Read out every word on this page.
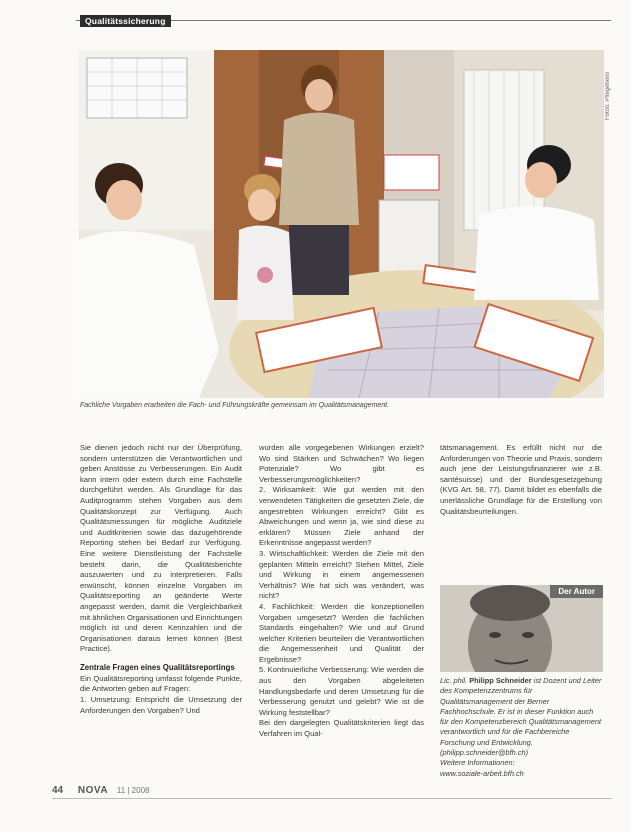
Qualitätssicherung
Fotos: Pflegeheim
Fachliche Vorgaben erarbeiten die Fach- und Führungskräfte gemeinsam im Qualitätsmanagement.

Sie dienen jedoch nicht nur der Überprüfung, sondern unterstützen die Verantwortlichen und geben Anstösse zu Verbesserungen. Ein Audit kann intern oder extern durch eine Fachstelle durchgeführt werden. Als Grundlage für das Auditprogramm stehen Vorgaben aus dem Qualitätskonzept zur Verfügung. Auch Qualitätsmessungen für mögliche Auditziele und Auditkriterien sowie das dazugehörende Reporting stehen bei Bedarf zur Verfügung. Eine weitere Dienstleistung der Fachstelle besteht darin, die Qualitätsberichte auszuwerten und zu interpretieren. Falls erwünscht, können einzelne Vorgaben im Qualitätsreporting an geänderte Werte angepasst werden, damit die Vergleichbarkeit mit ähnlichen Organisationen und Einrichtungen möglich ist und deren Kennzahlen und die Organisationen daraus lernen können (Best Practice).

Zentrale Fragen eines Qualitätsreportings

Ein Qualitätsreporting umfasst folgende Punkte, die Antworten geben auf Fragen:

1. Umsetzung: Entspricht die Umsetzung der Anforderungen den Vorgaben? Und

wurden alle vorgegebenen Wirkungen erzielt? Wo sind Stärken und Schwächen? Wo liegen Potenziale? Wo gibt es Verbesserungsmöglichkeiten?

2. Wirksamkeit: Wie gut werden mit den verwendeten Tätigkeiten die gesetzten Ziele, die angestrebten Wirkungen erreicht? Gibt es Abweichungen und wenn ja, wie sind diese zu erklären? Müssen Ziele anhand der Erkenntnisse angepasst werden?

3. Wirtschaftlichkeit: Werden die Ziele mit den geplanten Mitteln erreicht? Stehen Mittel, Ziele und Wirkung in einem angemessenen Verhältnis? Wie hat sich was verändert, was nicht?

4. Fachlichkeit: Werden die konzeptionellen Vorgaben umgesetzt? Werden die fachlichen Standards eingehalten? Wie und auf Grund welcher Kriterien beurteilen die Verantwortlichen die Angemessenheit und Qualität der Ergebnisse?

5. Kontinuierliche Verbesserung: Wie werden die aus den Vorgaben abgeleiteten Handlungsbedarfe und deren Umsetzung für die Verbesserung genutzt und gelebt? Wie ist die Wirkung feststellbar?

Bei den dargelegten Qualitätskriterien liegt das Verfahren im Qual-

tätsmanagement. Es erfüllt nicht nur die Anforderungen von Theorie und Praxis, sondern auch jene der Leistungsfinanzierer wie z.B. santésuisse) und der Bundesgesetzgebung (KVG Art. 58, 77). Damit bildet es ebenfalls die unerlässliche Grundlage für die Erstellung von Qualitätsbeurteilungen.

Der Autor
Lic. phil. Philipp Schneider ist Dozent und Leiter des Kompetenzzentrums für Qualitätsmanagement der Berner Fachhochschule. Er ist in dieser Funktion auch für den Kompetenzbereich Qualitätsmanagement verantwortlich und für die Fachbereiche Forschung und Entwicklung. (philipp.schneider@bfh.ch)
Weitere Informationen:
www.soziale-arbeit.bfh.ch
44 NOVA 11 | 2008
